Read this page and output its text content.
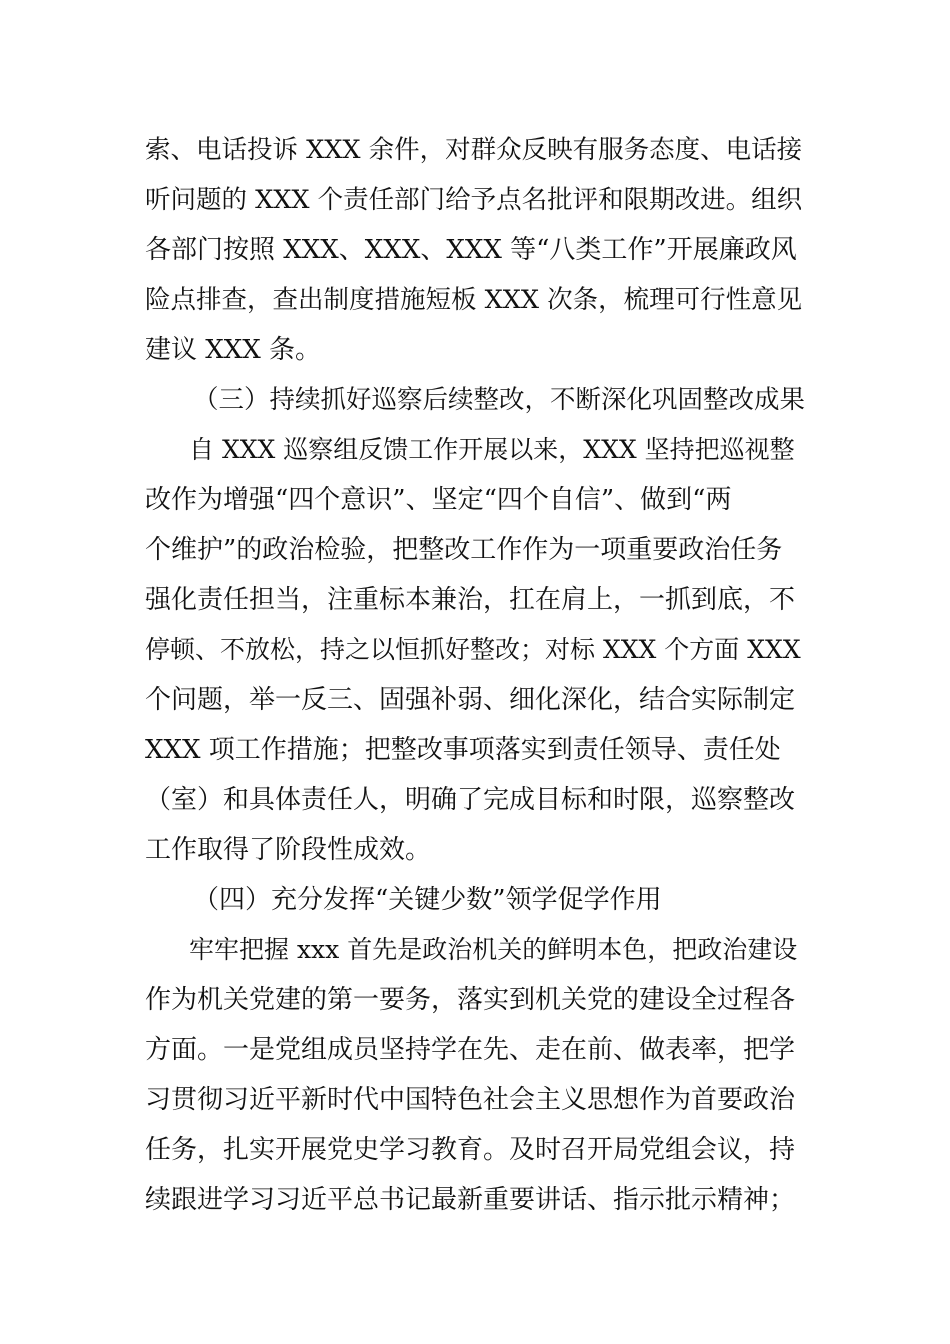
索、电话投诉 XXX 余件，对群众反映有服务态度、电话接
听问题的 XXX 个责任部门给予点名批评和限期改进。组织
各部门按照 XXX、XXX、XXX 等“八类工作”开展廉政风
险点排查，查出制度措施短板 XXX 次条，梳理可行性意见
建议 XXX 条。
（三）持续抓好巡察后续整改，不断深化巩固整改成果
自 XXX 巡察组反馈工作开展以来，XXX 坚持把巡视整
改作为增强“四个意识”、坚定“四个自信”、做到“两
个维护”的政治检验，把整改工作作为一项重要政治任务
强化责任担当，注重标本兼治，扛在肩上，一抓到底，不
停顿、不放松，持之以恒抓好整改；对标 XXX 个方面 XXX
个问题，举一反三、固强补弱、细化深化，结合实际制定
XXX 项工作措施；把整改事项落实到责任领导、责任处
（室）和具体责任人，明确了完成目标和时限，巡察整改
工作取得了阶段性成效。
（四）充分发挥“关键少数”领学促学作用
牢牢把握 xxx 首先是政治机关的鲜明本色，把政治建设
作为机关党建的第一要务，落实到机关党的建设全过程各
方面。一是党组成员坚持学在先、走在前、做表率，把学
习贯彻习近平新时代中国特色社会主义思想作为首要政治
任务，扎实开展党史学习教育。及时召开局党组会议，持
续跟进学习习近平总书记最新重要讲话、指示批示精神；
